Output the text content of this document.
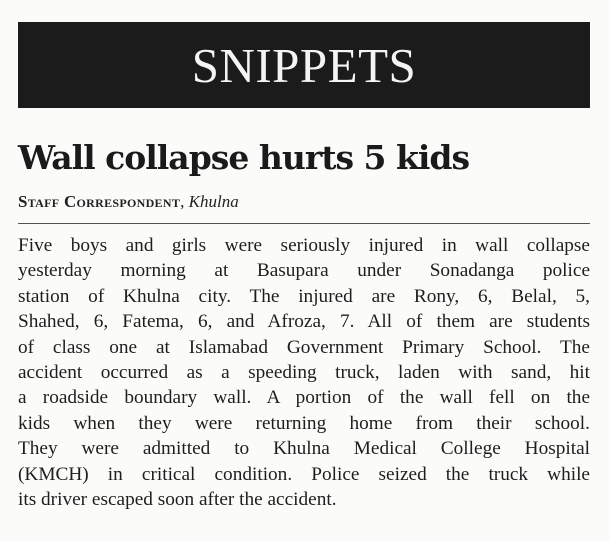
SNIPPETS
Wall collapse hurts 5 kids
Staff Correspondent, Khulna
Five boys and girls were seriously injured in wall collapse
yesterday morning at Basupara under Sonadanga police
station of Khulna city. The injured are Rony, 6, Belal, 5,
Shahed, 6, Fatema, 6, and Afroza, 7. All of them are students
of class one at Islamabad Government Primary School. The
accident occurred as a speeding truck, laden with sand, hit
a roadside boundary wall. A portion of the wall fell on the
kids when they were returning home from their school.
They were admitted to Khulna Medical College Hospital
(KMCH) in critical condition. Police seized the truck while
its driver escaped soon after the accident.
